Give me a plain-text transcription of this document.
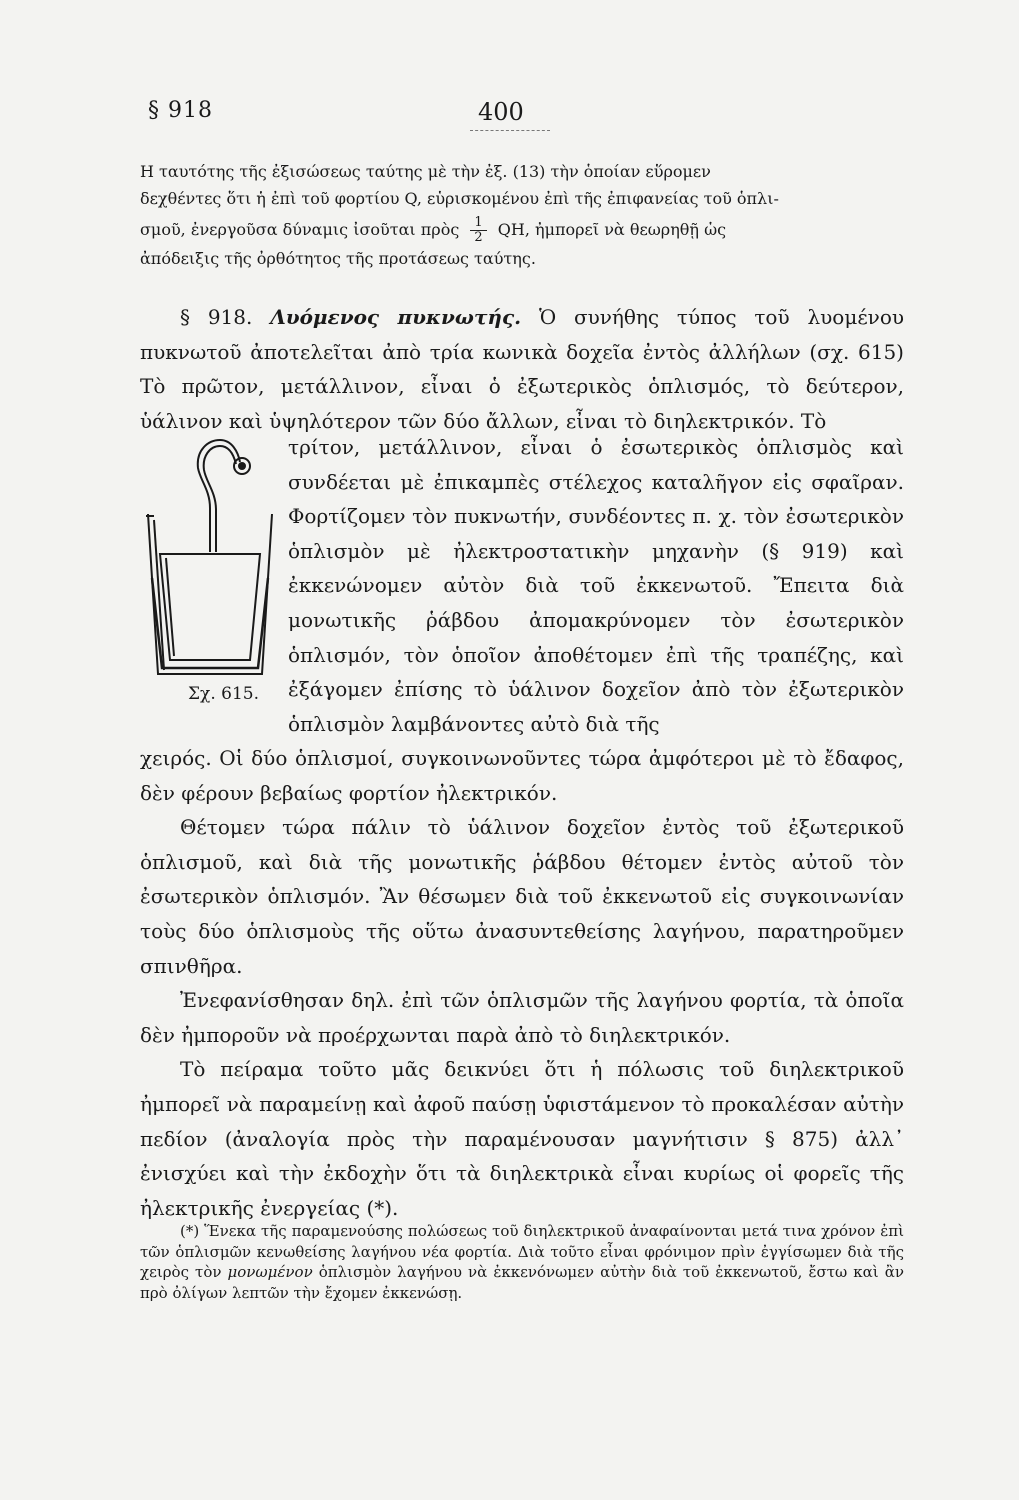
§ 918	400
Η ταυτότης τῆς ἐξισώσεως ταύτης μὲ τὴν ἐξ. (13) τὴν ὁποίαν εὕρομεν
δεχθέντες ὅτι ἡ ἐπὶ τοῦ φορτίου Q, εὑρισκομένου ἐπὶ τῆς ἐπιφανείας τοῦ ὁπλι-
σμοῦ, ἐνεργοῦσα δύναμις ἰσοῦται πρὸς $\frac{1}{2}$ QH, ἠμπορεῖ νὰ θεωρηθῇ ὡς
ἀπόδειξις τῆς ὀρθότητος τῆς προτάσεως ταύτης.
§ 918. Λυόμενος πυκνωτής. Ὁ συνήθης τύπος τοῦ λυομένου πυκνωτοῦ ἀποτελεῖται ἀπὸ τρία κωνικὰ δοχεῖα ἐντὸς ἀλλήλων (σχ. 615) Τὸ πρῶτον, μετάλλινον, εἶναι ὁ ἐξωτερικὸς ὁπλισμός, τὸ δεύτερον, ὑάλινον καὶ ὑψηλότερον τῶν δύο ἄλλων, εἶναι τὸ διηλεκτρικόν. Τὸ
Σχ. 615.
τρίτον, μετάλλινον, εἶναι ὁ ἐσωτερικὸς ὁπλισμὸς καὶ συνδέεται μὲ ἐπικαμπὲς στέλεχος καταλῆγον εἰς σφαῖραν. Φορτίζομεν τὸν πυκνωτήν, συνδέοντες π. χ. τὸν ἐσωτερικὸν ὁπλισμὸν μὲ ἠλεκτροστατικὴν μηχανὴν (§ 919) καὶ ἐκκενώνομεν αὐτὸν διὰ τοῦ ἐκκενωτοῦ. Ἔπειτα διὰ μονωτικῆς ῥάβδου ἀπομακρύνομεν τὸν ἐσωτερικὸν ὁπλισμόν, τὸν ὁποῖον ἀποθέτομεν ἐπὶ τῆς τραπέζης, καὶ ἐξάγομεν ἐπίσης τὸ ὑάλινον δοχεῖον ἀπὸ τὸν ἐξωτερικὸν ὁπλισμὸν λαμβάνοντες αὐτὸ διὰ τῆς
χειρός. Οἱ δύο ὁπλισμοί, συγκοινωνοῦντες τώρα ἀμφότεροι μὲ τὸ ἔδαφος, δὲν φέρουν βεβαίως φορτίον ἠλεκτρικόν.
Θέτομεν τώρα πάλιν τὸ ὑάλινον δοχεῖον ἐντὸς τοῦ ἐξωτερικοῦ ὁπλισμοῦ, καὶ διὰ τῆς μονωτικῆς ῥάβδου θέτομεν ἐντὸς αὐτοῦ τὸν ἐσωτερικὸν ὁπλισμόν. Ἂν θέσωμεν διὰ τοῦ ἐκκενωτοῦ εἰς συγκοινωνίαν τοὺς δύο ὁπλισμοὺς τῆς οὕτω ἀνασυντεθείσης λαγήνου, παρατηροῦμεν σπινθῆρα.
Ἐνεφανίσθησαν δηλ. ἐπὶ τῶν ὁπλισμῶν τῆς λαγήνου φορτία, τὰ ὁποῖα δὲν ἠμποροῦν νὰ προέρχωνται παρὰ ἀπὸ τὸ διηλεκτρικόν.
Τὸ πείραμα τοῦτο μᾶς δεικνύει ὅτι ἡ πόλωσις τοῦ διηλεκτρικοῦ ἠμπορεῖ νὰ παραμείνῃ καὶ ἀφοῦ παύσῃ ὑφιστάμενον τὸ προκαλέσαν αὐτὴν πεδίον (ἀναλογία πρὸς τὴν παραμένουσαν μαγνήτισιν § 875) ἀλλ᾽ ἐνισχύει καὶ τὴν ἐκδοχὴν ὅτι τὰ διηλεκτρικὰ εἶναι κυρίως οἱ φορεῖς τῆς ἠλεκτρικῆς ἐνεργείας (*).
(*) Ἕνεκα τῆς παραμενούσης πολώσεως τοῦ διηλεκτρικοῦ ἀναφαίνονται μετά τινα χρόνον ἐπὶ τῶν ὁπλισμῶν κενωθείσης λαγήνου νέα φορτία. Διὰ τοῦτο εἶναι φρόνιμον πρὶν ἐγγίσωμεν διὰ τῆς χειρὸς τὸν μονωμένον ὁπλισμὸν λαγήνου νὰ ἐκκενόνωμεν αὐτὴν διὰ τοῦ ἐκκενωτοῦ, ἔστω καὶ ἂν πρὸ ὀλίγων λεπτῶν τὴν ἔχομεν ἐκκενώσῃ.
